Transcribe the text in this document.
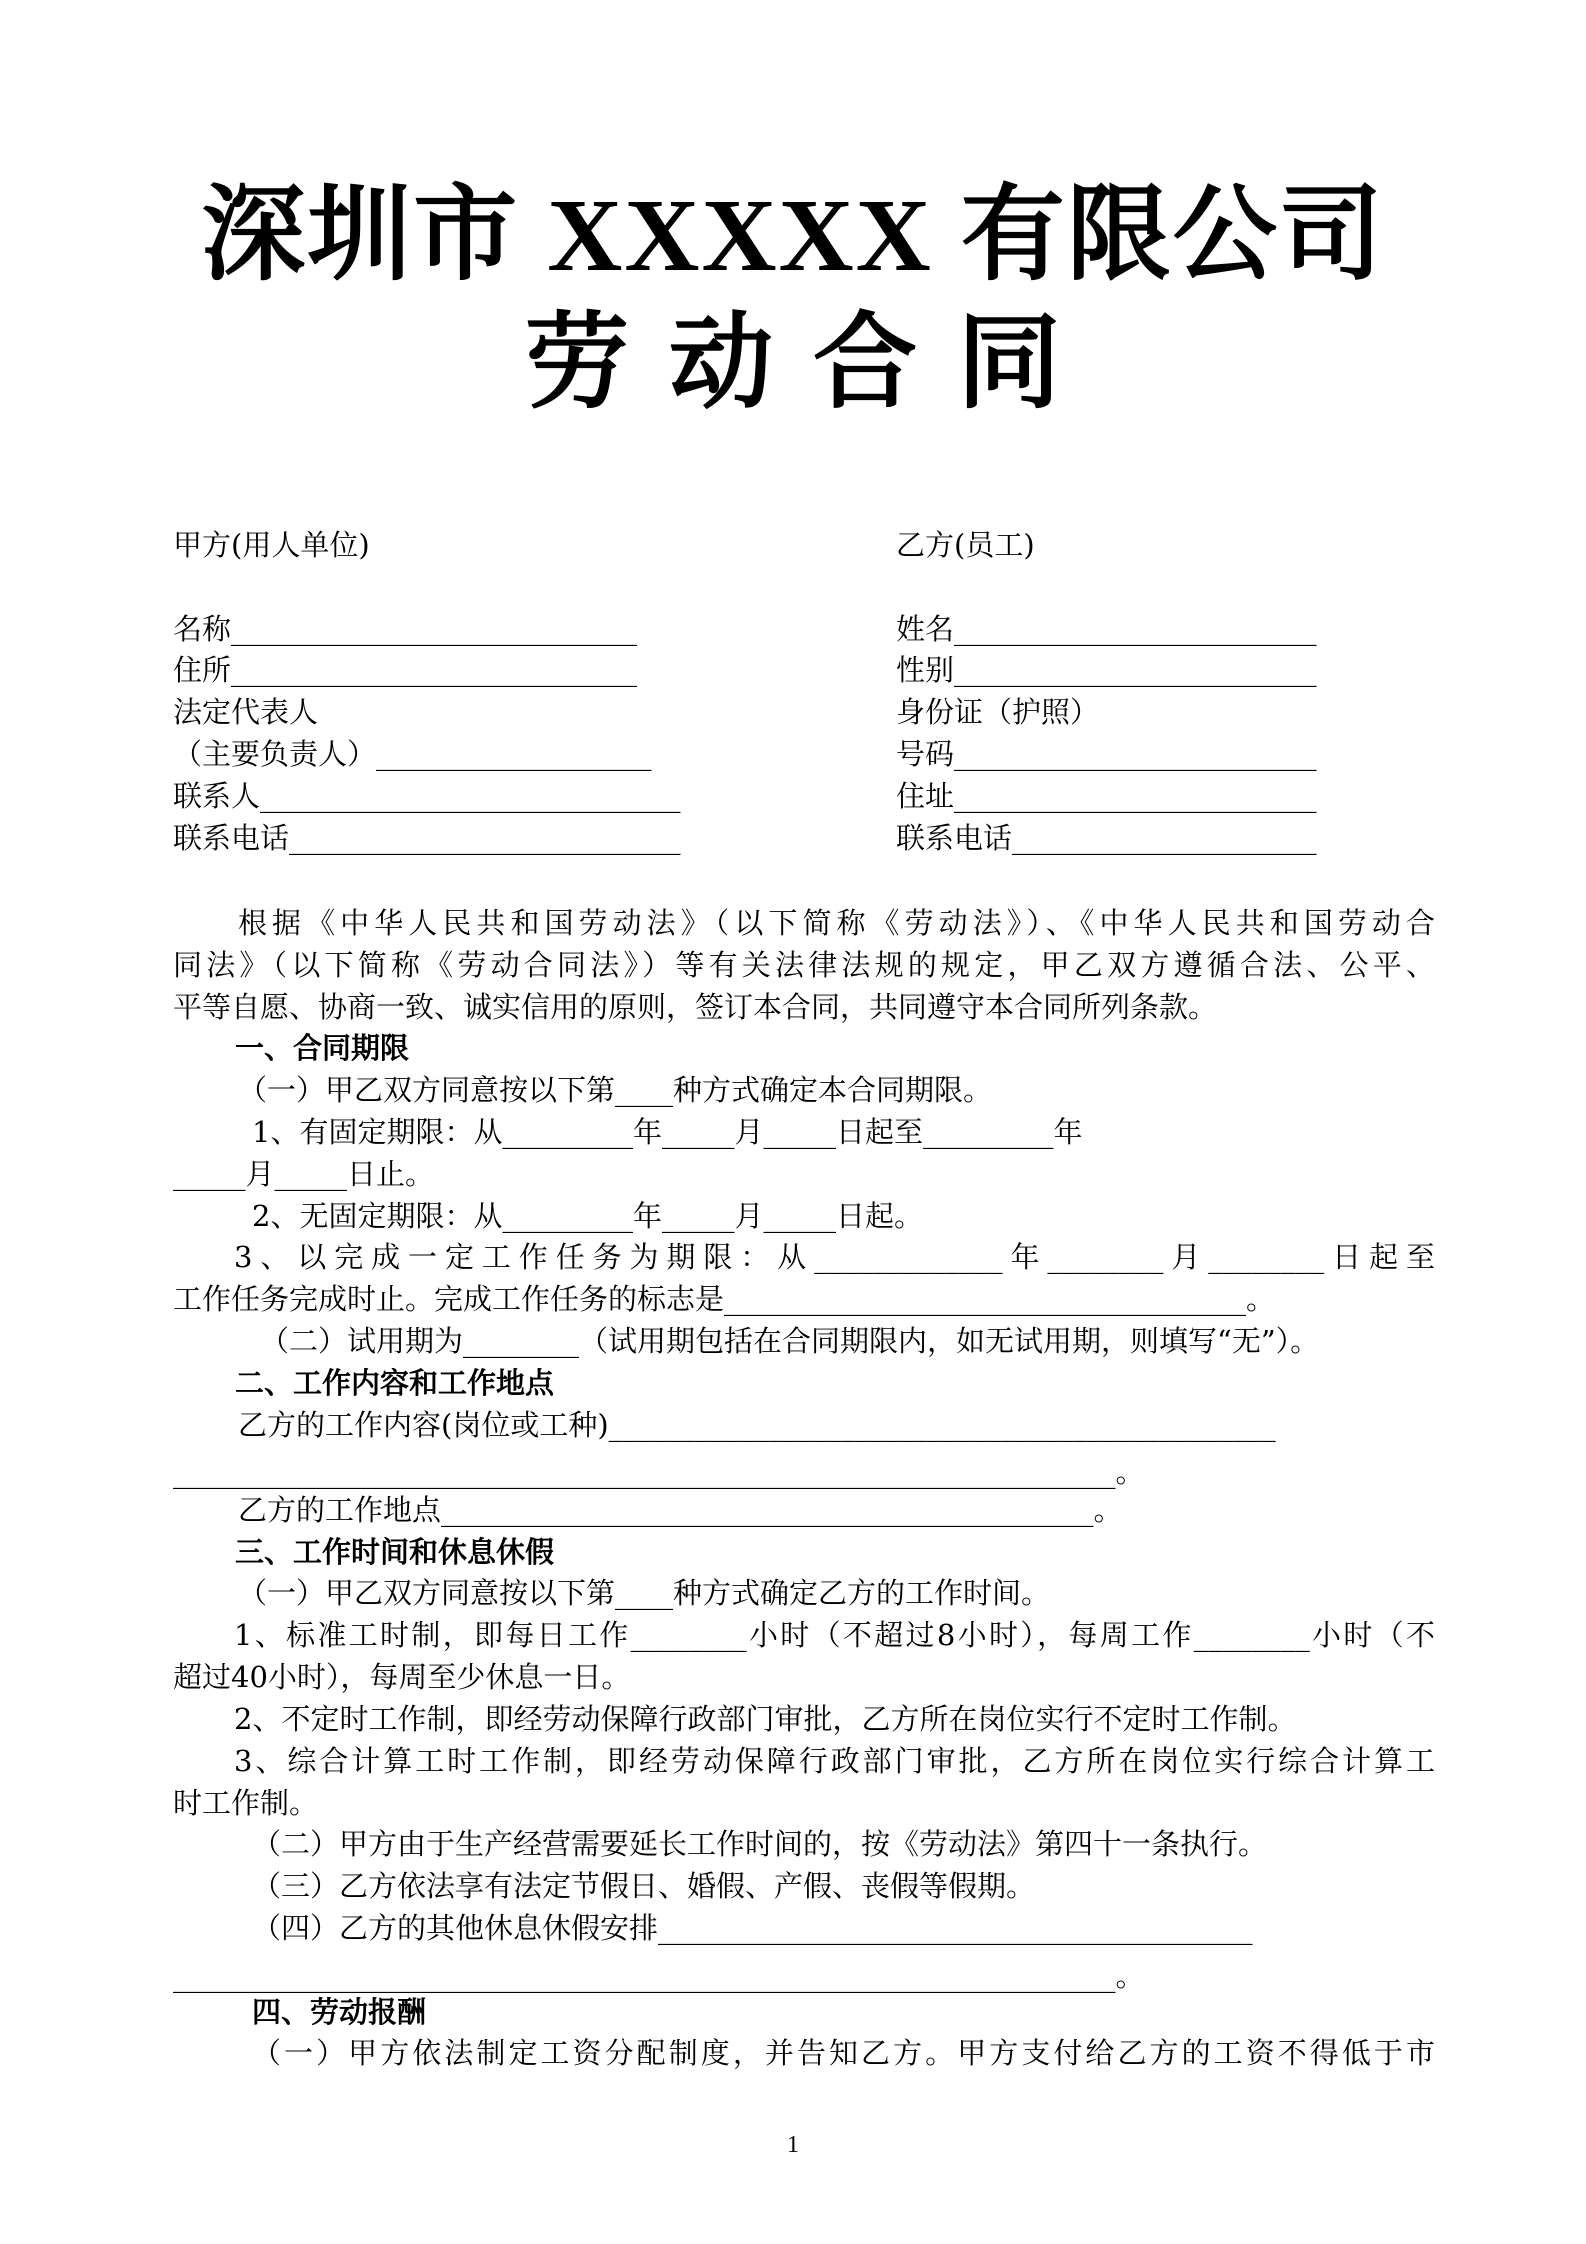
深圳市 XXXXX 有限公司
劳动合同
甲方(用人单位)
名称____________________________
住所____________________________
法定代表人
（主要负责人）___________________
联系人_____________________________
联系电话___________________________
乙方(员工)
姓名_________________________
性别_________________________
身份证（护照）
号码_________________________
住址_________________________
联系电话_____________________
根据《中华人民共和国劳动法》（以下简称《劳动法》）、《中华人民共和国劳动合
同法》（以下简称《劳动合同法》）等有关法律法规的规定，甲乙双方遵循合法、公平、
平等自愿、协商一致、诚实信用的原则，签订本合同，共同遵守本合同所列条款。
一、合同期限
（一）甲乙双方同意按以下第____种方式确定本合同期限。
1、有固定期限：从_________年_____月_____日起至_________年
_____月_____日止。
2、无固定期限：从_________年_____月_____日起。
3、以完成一定工作任务为期限：从_____________年________月________日起至
工作任务完成时止。完成工作任务的标志是____________________________________。
（二）试用期为________（试用期包括在合同期限内，如无试用期，则填写“无”）。
二、工作内容和工作地点
乙方的工作内容(岗位或工种)______________________________________________
_________________________________________________________________。
乙方的工作地点_____________________________________________。
三、工作时间和休息休假
（一）甲乙双方同意按以下第____种方式确定乙方的工作时间。
1、标准工时制，即每日工作________小时（不超过8小时），每周工作________小时（不
超过40小时），每周至少休息一日。
2、不定时工作制，即经劳动保障行政部门审批，乙方所在岗位实行不定时工作制。
3、综合计算工时工作制，即经劳动保障行政部门审批，乙方所在岗位实行综合计算工
时工作制。
（二）甲方由于生产经营需要延长工作时间的，按《劳动法》第四十一条执行。
（三）乙方依法享有法定节假日、婚假、产假、丧假等假期。
（四）乙方的其他休息休假安排_________________________________________
_________________________________________________________________。
四、劳动报酬
（一）甲方依法制定工资分配制度，并告知乙方。甲方支付给乙方的工资不得低于市
1
